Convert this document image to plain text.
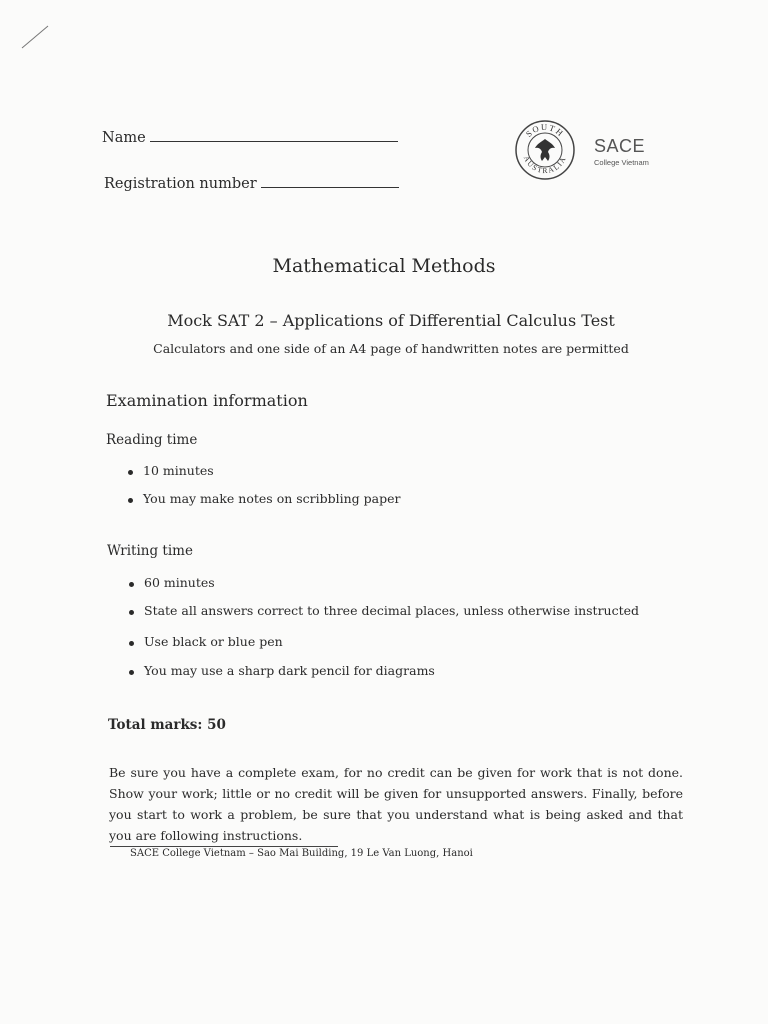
Name
Registration number
SOUTH
AUSTRALIA
SACE
College Vietnam
Mathematical Methods
Mock SAT 2 – Applications of Differential Calculus Test
Calculators and one side of an A4 page of handwritten notes are permitted
Examination information
Reading time
10 minutes
You may make notes on scribbling paper
Writing time
60 minutes
State all answers correct to three decimal places, unless otherwise instructed
Use black or blue pen
You may use a sharp dark pencil for diagrams
Total marks: 50
Be sure you have a complete exam, for no credit can be given for work that is not done. Show your work; little or no credit will be given for unsupported answers. Finally, before you start to work a problem, be sure that you understand what is being asked and that you are following instructions.
SACE College Vietnam – Sao Mai Building, 19 Le Van Luong, Hanoi
